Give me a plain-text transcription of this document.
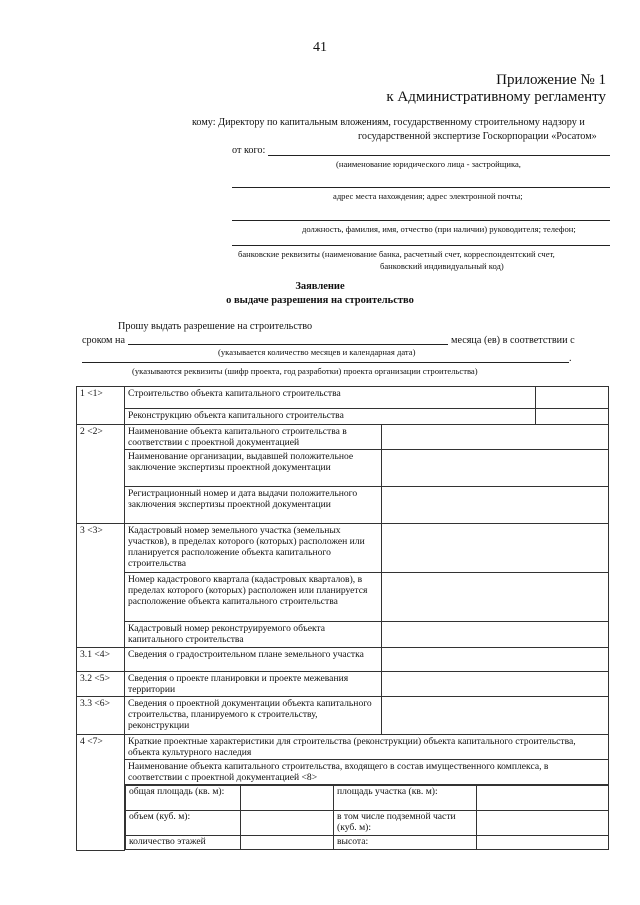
41
Приложение № 1
к Административному регламенту
кому: Директору по капитальным вложениям, государственному строительному надзору и
государственной экспертизе Госкорпорации «Росатом»
от кого:
(наименование юридического лица - застройщика,
адрес места нахождения; адрес электронной почты;
должность, фамилия, имя, отчество (при наличии) руководителя; телефон;
банковские реквизиты (наименование банка, расчетный счет, корреспондентский счет,
банковский индивидуальный код)
Заявление
о выдаче разрешения на строительство
Прошу выдать разрешение на строительство
сроком на	месяца (ев) в соответствии с
(указывается количество месяцев и календарная дата)
.
(указываются реквизиты (шифр проекта, год разработки) проекта организации строительства)
1 <1>	Строительство объекта капитального строительства	
Реконструкцию объекта капитального строительства	
2 <2>	Наименование объекта капитального строительства в соответствии с проектной документацией	
Наименование организации, выдавшей положительное заключение экспертизы проектной документации	
Регистрационный номер и дата выдачи положительного заключения экспертизы проектной документации	
3 <3>	Кадастровый номер земельного участка (земельных участков), в пределах которого (которых) расположен или планируется расположение объекта капитального строительства	
Номер кадастрового квартала (кадастровых кварталов), в пределах которого (которых) расположен или планируется расположение объекта капитального строительства	
Кадастровый номер реконструируемого объекта капитального строительства	
3.1 <4>	Сведения о градостроительном плане земельного участка	
3.2 <5>	Сведения о проекте планировки и проекте межевания территории	
3.3 <6>	Сведения о проектной документации объекта капитального строительства, планируемого к строительству, реконструкции	
4 <7>	Краткие проектные характеристики для строительства (реконструкции) объекта капитального строительства, объекта культурного наследия
Наименование объекта капитального строительства, входящего в состав имущественного комплекса, в соответствии с проектной документацией <8>

общая площадь (кв. м):		площадь участка (кв. м):	
объем (куб. м):		в том числе подземной части (куб. м):	
количество этажей		высота:	
